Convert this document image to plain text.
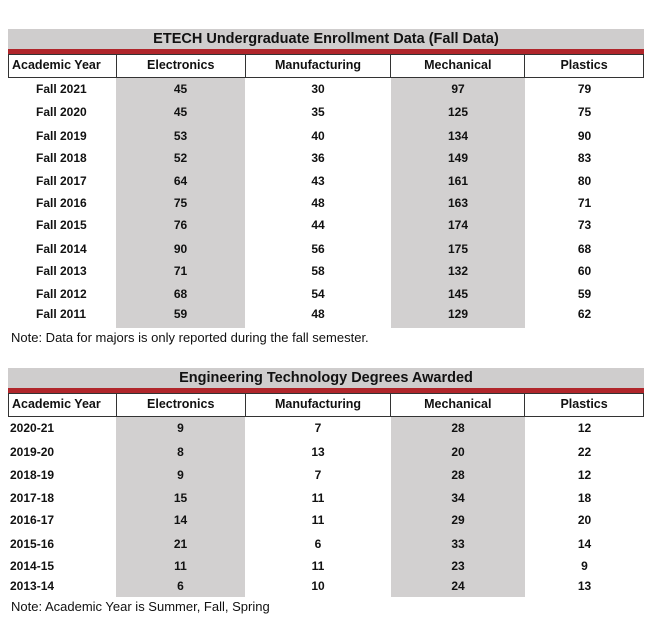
ETECH Undergraduate Enrollment Data (Fall Data)
Academic Year	Electronics	Manufacturing	Mechanical	Plastics
Fall 2021	45	30	97	79
Fall 2020	45	35	125	75
Fall 2019	53	40	134	90
Fall 2018	52	36	149	83
Fall 2017	64	43	161	80
Fall 2016	75	48	163	71
Fall 2015	76	44	174	73
Fall 2014	90	56	175	68
Fall 2013	71	58	132	60
Fall 2012	68	54	145	59
Fall 2011	59	48	129	62
Note: Data for majors is only reported during the fall semester.
Engineering Technology Degrees Awarded
Academic Year	Electronics	Manufacturing	Mechanical	Plastics
2020-21	9	7	28	12
2019-20	8	13	20	22
2018-19	9	7	28	12
2017-18	15	11	34	18
2016-17	14	11	29	20
2015-16	21	6	33	14
2014-15	11	11	23	9
2013-14	6	10	24	13
Note: Academic Year is Summer, Fall, Spring
